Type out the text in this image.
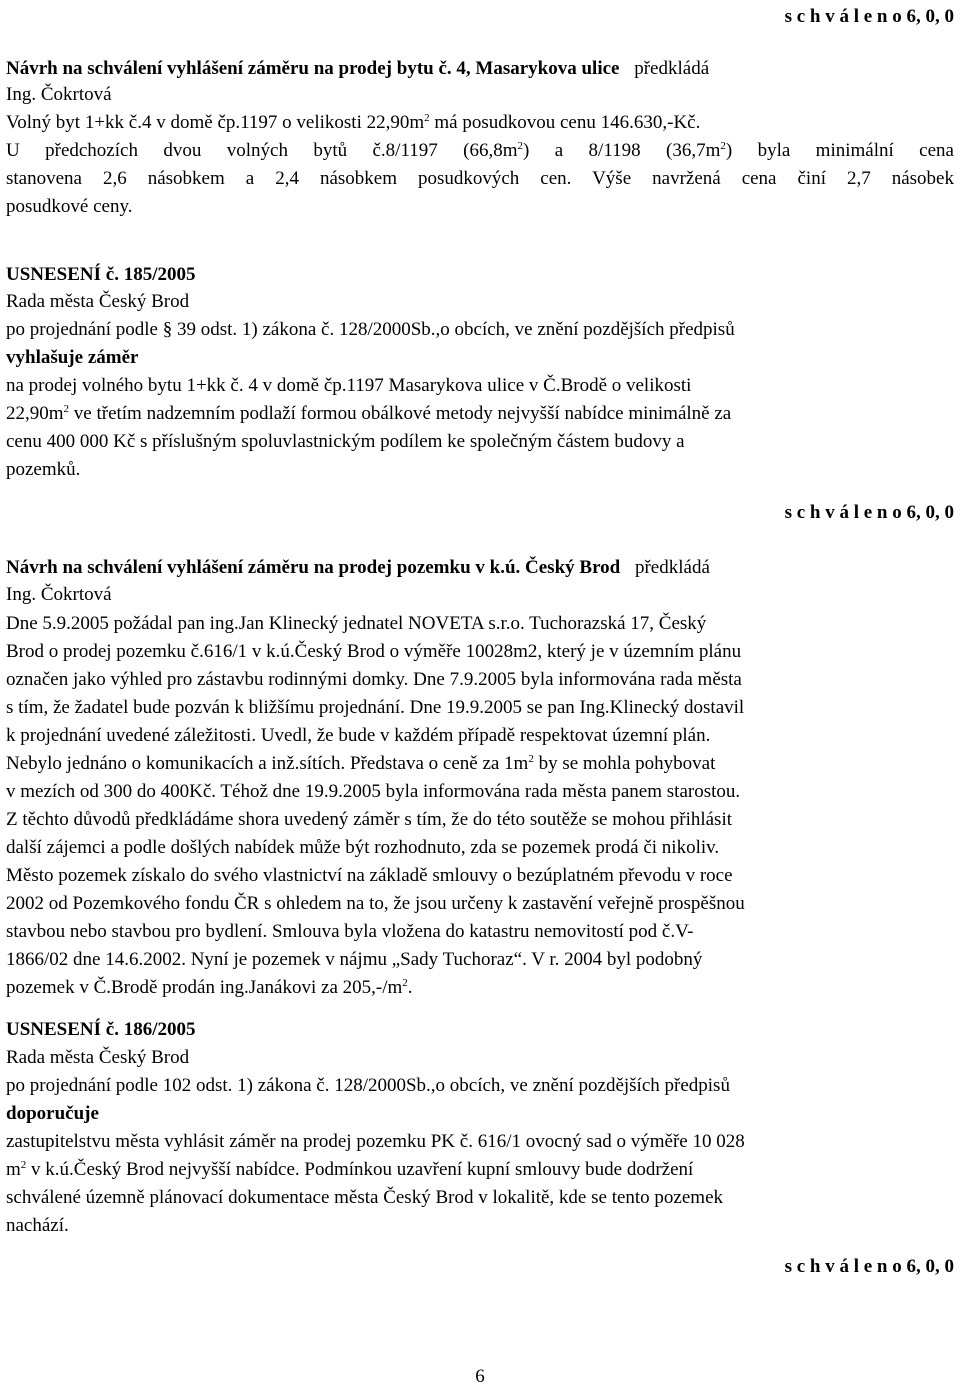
s c h v á l e n o 6, 0, 0
Návrh na schválení vyhlášení záměru na prodej bytu č. 4, Masarykova ulice předkládá
Ing. Čokrtová
Volný byt 1+kk č.4 v domě čp.1197 o velikosti $22,90m^2$ má posudkovou cenu 146.630,-Kč.
U předchozích dvou volných bytů č.8/1197 $(66,8m^2)$ a 8/1198 $(36,7m^2)$ byla minimální cena
stanovena 2,6 násobkem a 2,4 násobkem posudkových cen. Výše navržená cena činí 2,7 násobek
posudkové ceny.
USNESENÍ č. 185/2005
Rada města Český Brod
po projednání podle § 39 odst. 1) zákona č. 128/2000Sb.,o obcích, ve znění pozdějších předpisů
vyhlašuje záměr
na prodej volného bytu 1+kk č. 4 v domě čp.1197 Masarykova ulice v Č.Brodě o velikosti
$22,90m^2$ ve třetím nadzemním podlaží formou obálkové metody nejvyšší nabídce minimálně za
cenu 400 000 Kč s příslušným spoluvlastnickým podílem ke společným částem budovy a
pozemků.
s c h v á l e n o 6, 0, 0
Návrh na schválení vyhlášení záměru na prodej pozemku v k.ú. Český Brod předkládá
Ing. Čokrtová
Dne 5.9.2005 požádal pan ing.Jan Klinecký jednatel NOVETA s.r.o. Tuchorazská 17, Český
Brod o prodej pozemku č.616/1 v k.ú.Český Brod o výměře 10028m2, který je v územním plánu
označen jako výhled pro zástavbu rodinnými domky. Dne 7.9.2005 byla informována rada města
s tím, že žadatel bude pozván k bližšímu projednání. Dne 19.9.2005 se pan Ing.Klinecký dostavil
k projednání uvedené záležitosti. Uvedl, že bude v každém případě respektovat územní plán.
Nebylo jednáno o komunikacích a inž.sítích. Představa o ceně za $1m^2$ by se mohla pohybovat
v mezích od 300 do 400Kč. Téhož dne 19.9.2005 byla informována rada města panem starostou.
Z těchto důvodů předkládáme shora uvedený záměr s tím, že do této soutěže se mohou přihlásit
další zájemci a podle došlých nabídek může být rozhodnuto, zda se pozemek prodá či nikoliv.
Město pozemek získalo do svého vlastnictví na základě smlouvy o bezúplatném převodu v roce
2002 od Pozemkového fondu ČR s ohledem na to, že jsou určeny k zastavění veřejně prospěšnou
stavbou nebo stavbou pro bydlení. Smlouva byla vložena do katastru nemovitostí pod č.V-
1866/02 dne 14.6.2002. Nyní je pozemek v nájmu „Sady Tuchoraz“. V r. 2004 byl podobný
pozemek v Č.Brodě prodán ing.Janákovi za $205,-/m^2$.
USNESENÍ č. 186/2005
Rada města Český Brod
po projednání podle 102 odst. 1) zákona č. 128/2000Sb.,o obcích, ve znění pozdějších předpisů
doporučuje
zastupitelstvu města vyhlásit záměr na prodej pozemku PK č. 616/1 ovocný sad o výměře 10 028
$m^2$ v k.ú.Český Brod nejvyšší nabídce. Podmínkou uzavření kupní smlouvy bude dodržení
schválené územně plánovací dokumentace města Český Brod v lokalitě, kde se tento pozemek
nachází.
s c h v á l e n o 6, 0, 0
6
